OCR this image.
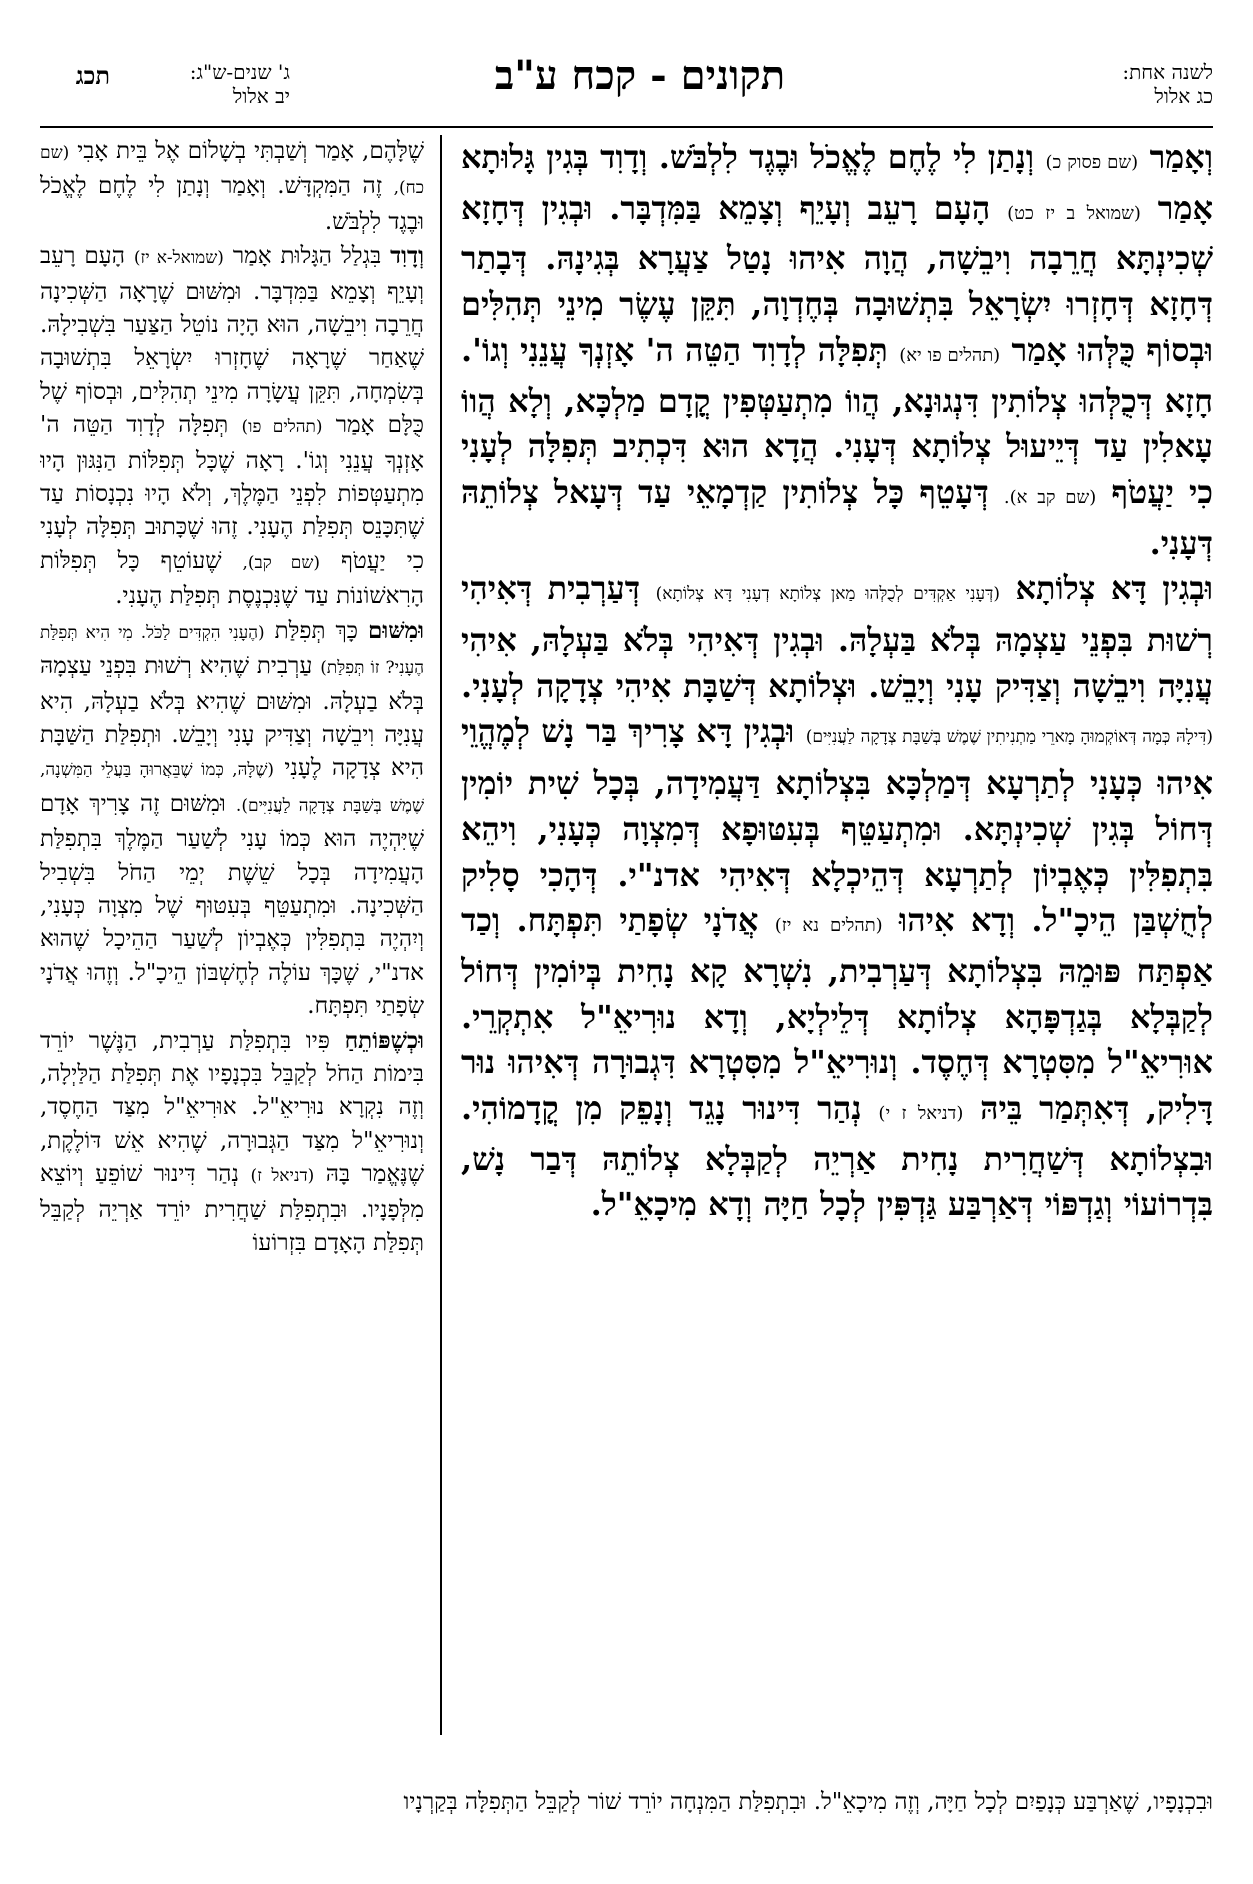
לשנה אחת:
כג אלול
תקונים - קכח ע"ב
ג' שנים-ש"ג:
יב אלול
תכג

וְאָמַר (שם פסוק כ) וְנָתַן לִי לֶחֶם לֶאֱכֹל וּבֶגֶד לִלְבֹּשׁ. וְדָוִד בְּגִין גָּלוּתָא אָמַר (שמואל ב יז כט) הָעָם רָעֵב וְעָיֵף וְצָמֵא בַּמִּדְבָּר. וּבְגִין דְּחָזָא שְׁכִינְתָּא חֲרֵבָה וִיבֵשָׁה, הֲוָה אִיהוּ נָטַל צַעֲרָא בְּגִינָהּ. דְּבָתַר דְּחָזָא דְּחָזְרוּ יִשְׂרָאֵל בִּתְשׁוּבָה בְּחֶדְוָה, תִּקֵּן עֶשֶׂר מִינֵי תְּהִלִּים וּבְסוֹף כֻּלְּהוּ אָמַר (תהלים פו יא) תְּפִלָּה לְדָוִד הַטֵּה ה' אָזְנְךָ עֲנֵנִי וְגוֹ'. חָזָא דְּכֻלְּהוּ צְלוֹתִין דִּנְגוּנָא, הֲווֹ מִתְעַטְּפִין קֳדָם מַלְכָּא, וְלָא הֲווֹ עָאלִין עַד דְּיֵיעוּל צְלוֹתָא דְּעָנִי. הֲדָא הוּא דִּכְתִיב תְּפִלָּה לְעָנִי כִי יַעֲטֹף (שם קב א). דְּעָטֵף כָּל צְלוֹתִין קַדְמָאֵי עַד דְּעָאל צְלוֹתֵהּ דְּעָנִי.

וּבְגִין דָּא צְלוֹתָא (דְּעָנִי אַקְדִּים לְכֻלְּהוּ מַאן צְלוֹתָא דְעָנִי דָּא צְלוֹתָא) דְּעַרְבִית דְּאִיהִי רְשׁוּת בִּפְנֵי עַצְמָהּ בְּלֹא בַּעְלָהּ. וּבְגִין דְּאִיהִי בְּלֹא בַּעְלָהּ, אִיהִי עֲנִיָּה וִיבֵשָׁה וְצַדִּיק עָנִי וְיָבֵשׁ. וּצְלוֹתָא דְּשַׁבָּת אִיהִי צְדָקָה לְעָנִי. (דִּילָהּ כְּמָה דְּאוֹקְמוּהָ מָארֵי מַתְנִיתִין שֶׁמֶשׁ בְּשַׁבָּת צְדָקָה לַעֲנִיִּים) וּבְגִין דָּא צָרִיךְ בַּר נָשׁ לְמֶהֱוֵי אִיהוּ כְּעָנִי לְתַרְעָא דְּמַלְכָּא בִּצְלוֹתָא דַּעֲמִידָה, בְּכָל שִׁית יוֹמִין דְּחוֹל בְּגִין שְׁכִינְתָּא. וּמִתְעַטֵּף בְּעִטּוּפָא דְּמִצְוָה כְּעָנִי, וִיהֵא בִּתְפִלִּין כְּאֶבְיוֹן לְתַרְעָא דְּהֵיכְלָא דְּאִיהִי אדנ"י. דְּהָכִי סָלִיק לְחֻשְׁבַּן הֵיכָ"ל. וְדָא אִיהוּ (תהלים נא יז) אֲדֹנָי שְׂפָתַי תִּפְתָּח. וְכַד אַפְתַּח פּוּמֵהּ בִּצְלוֹתָא דְּעַרְבִית, נִשְׁרָא קָא נָחִית בְּיוֹמִין דְּחוֹל לְקַבְּלָא בְּגַדְפָּהָא צְלוֹתָא דְּלֵילְיָא, וְדָא נוּרִיאֵ"ל אִתְקְרֵי. אוּרִיאֵ"ל מִסִּטְרָא דְּחֶסֶד. וְנוּרִיאֵ"ל מִסִּטְרָא דִּגְבוּרָה דְּאִיהוּ נוּר דָּלִיק, דְּאִתְּמַר בֵּיהּ (דניאל ז י) נְהַר דִּינוּר נָגֵד וְנָפֵק מִן קֳדָמוֹהִי. וּבִצְלוֹתָא דְּשַׁחֲרִית נָחִית אַרְיֵה לְקַבְּלָא צְלוֹתֵהּ דְּבַר נָשׁ, בִּדְרוֹעוֹי וְגַדְפּוֹי דְּאַרְבַּע גַּדְפִּין לְכָל חַיָּה וְדָא מִיכָאֵ"ל.

שֶׁלָּהֶם, אָמַר וְשַׁבְתִּי בְשָׁלוֹם אֶל בֵּית אָבִי (שם כח), זֶה הַמִּקְדָּשׁ. וְאָמַר וְנָתַן לִי לֶחֶם לֶאֱכֹל וּבֶגֶד לִלְבֹּשׁ.

וְדָוִד בִּגְלַל הַגָּלוּת אָמַר (שמואל-א יז) הָעָם רָעֵב וְעָיֵף וְצָמֵא בַּמִּדְבָּר. וּמִשּׁוּם שֶׁרָאָה הַשְּׁכִינָה חֲרֵבָה וִיבֵשָׁה, הוּא הָיָה נוֹטֵל הַצַּעַר בִּשְׁבִילָהּ. שֶׁאַחַר שֶׁרָאָה שֶׁחָזְרוּ יִשְׂרָאֵל בִּתְשׁוּבָה בְּשִׂמְחָה, תִּקֵּן עֲשָׂרָה מִינֵי תְהִלִּים, וּבְסוֹף שֶׁל כֻּלָּם אָמַר (תהלים פו) תְּפִלָּה לְדָוִד הַטֵּה ה' אָזְנְךָ עֲנֵנִי וְגוֹ'. רָאָה שֶׁכָּל תְּפִלּוֹת הַנִּגּוּן הָיוּ מִתְעַטְּפוֹת לִפְנֵי הַמֶּלֶךְ, וְלֹא הָיוּ נִכְנָסוֹת עַד שֶׁתִּכָּנֵס תְּפִלַּת הֶעָנִי. זֶהוּ שֶׁכָּתוּב תְּפִלָּה לְעָנִי כִי יַעֲטֹף (שם קב), שֶׁעוֹטֵף כָּל תְּפִלּוֹת הָרִאשׁוֹנוֹת עַד שֶׁנִּכְנֶסֶת תְּפִלַּת הֶעָנִי.

וּמִשּׁוּם כָּךְ תְּפִלַּת (הֶעָנִי הִקְדִּים לַכֹּל. מִי הִיא תְּפִלַּת הֶעָנִי? זוֹ תְּפִלַּת) עַרְבִית שֶׁהִיא רְשׁוּת בִּפְנֵי עַצְמָהּ בְּלֹא בַעְלָהּ. וּמִשּׁוּם שֶׁהִיא בְּלֹא בַעְלָהּ, הִיא עֲנִיָּה וִיבֵשָׁה וְצַדִּיק עָנִי וְיָבֵשׁ. וּתְפִלַּת הַשַּׁבָּת הִיא צְדָקָה לֶעָנִי (שֶׁלָּהּ, כְּמוֹ שֶׁבֵּאֲרוּהָ בַּעֲלֵי הַמִּשְׁנָה, שֶׁמֶשׁ בְּשַׁבָּת צְדָקָה לַעֲנִיִּים). וּמִשּׁוּם זֶה צָרִיךְ אָדָם שֶׁיִּהְיֶה הוּא כְּמוֹ עָנִי לְשַׁעַר הַמֶּלֶךְ בִּתְפִלַּת הָעֲמִידָה בְּכָל שֵׁשֶׁת יְמֵי הַחֹל בִּשְׁבִיל הַשְּׁכִינָה. וּמִתְעַטֵּף בְּעִטּוּף שֶׁל מִצְוָה כְּעָנִי, וְיִהְיֶה בִּתְפִלִּין כְּאֶבְיוֹן לְשַׁעַר הַהֵיכָל שֶׁהוּא אדנ"י, שֶׁכָּךְ עוֹלֶה לְחֶשְׁבּוֹן הֵיכָ"ל. וְזֶהוּ אֲדֹנָי שְׂפָתַי תִּפְתָּח.

וּכְשֶׁפּוֹתֵחַ פִּיו בִּתְפִלַּת עַרְבִית, הַנֶּשֶׁר יוֹרֵד בִּימוֹת הַחֹל לְקַבֵּל בִּכְנָפָיו אֶת תְּפִלַּת הַלַּיְלָה, וְזֶה נִקְרָא נוּרִיאֵ"ל. אוּרִיאֵ"ל מִצַּד הַחֶסֶד, וְנוּרִיאֵ"ל מִצַּד הַגְּבוּרָה, שֶׁהִיא אֵשׁ דּוֹלֶקֶת, שֶׁנֶּאֱמַר בָּהּ (דניאל ז) נְהַר דִּינוּר שׁוֹפֵעַ וְיוֹצֵא מִלְּפָנָיו. וּבִתְפִלַּת שַׁחֲרִית יוֹרֵד אַרְיֵה לְקַבֵּל תְּפִלַּת הָאָדָם בִּזְרוֹעוֹ

וּבִכְנָפָיו, שֶׁאַרְבַּע כְּנָפַיִם לְכָל חַיָּה, וְזֶה מִיכָאֵ"ל. וּבִתְפִלַּת הַמִּנְחָה יוֹרֵד שׁוֹר לְקַבֵּל הַתְּפִלָּה בְּקַרְנָיו
